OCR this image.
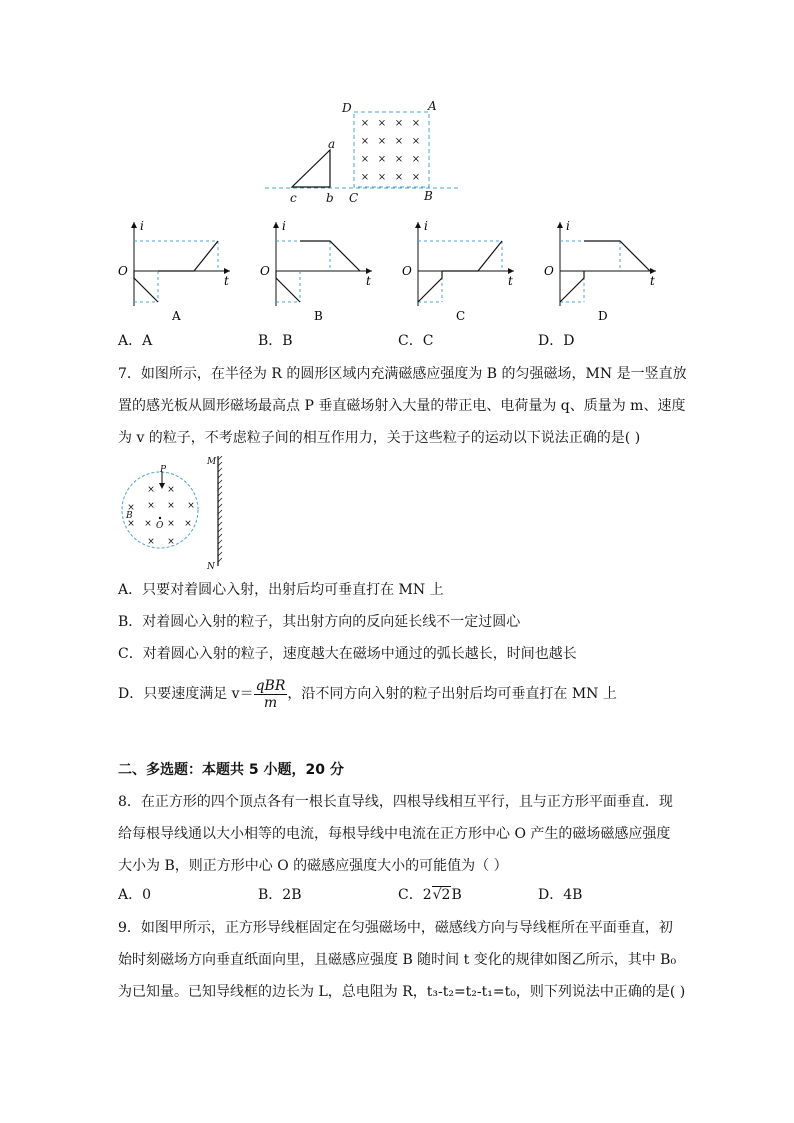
× × × ×
× × × ×
× × × ×
× × × ×
a
c b C	B
D	A
i
t
O
A
i
t
O
B
i
t
O
C
i
t
O
D
A．A	B．B	C．C	D．D
7．如图所示，在半径为 R 的圆形区域内充满磁感应强度为 B 的匀强磁场，MN 是一竖直放
置的感光板从圆形磁场最高点 P 垂直磁场射入大量的带正电、电荷量为 q、质量为 m、速度
为 v 的粒子，不考虑粒子间的相互作用力，关于这些粒子的运动以下说法正确的是( )
× ×
× × × ×
× × × ×
× ×
P
B
O
M
N
A．只要对着圆心入射，出射后均可垂直打在 MN 上
B．对着圆心入射的粒子，其出射方向的反向延长线不一定过圆心
C．对着圆心入射的粒子，速度越大在磁场中通过的弧长越长，时间也越长
D．只要速度满足 $v= \frac{\text{qBR}}{m}$ ，沿不同方向入射的粒子出射后均可垂直打在 MN 上
二、多选题：本题共 5 小题，20 分
8．在正方形的四个顶点各有一根长直导线，四根导线相互平行，且与正方形平面垂直．现
给每根导线通以大小相等的电流，每根导线中电流在正方形中心 O 产生的磁场磁感应强度
大小为 B，则正方形中心 O 的磁感应强度大小的可能值为（ ）
A．0	B．2B	C．2√2B	D．4B
9．如图甲所示，正方形导线框固定在匀强磁场中，磁感线方向与导线框所在平面垂直，初
始时刻磁场方向垂直纸面向里，且磁感应强度 B 随时间 t 变化的规律如图乙所示，其中 B₀
为已知量。已知导线框的边长为 L，总电阻为 R，t₃-t₂=t₂-t₁=t₀，则下列说法中正确的是( )
